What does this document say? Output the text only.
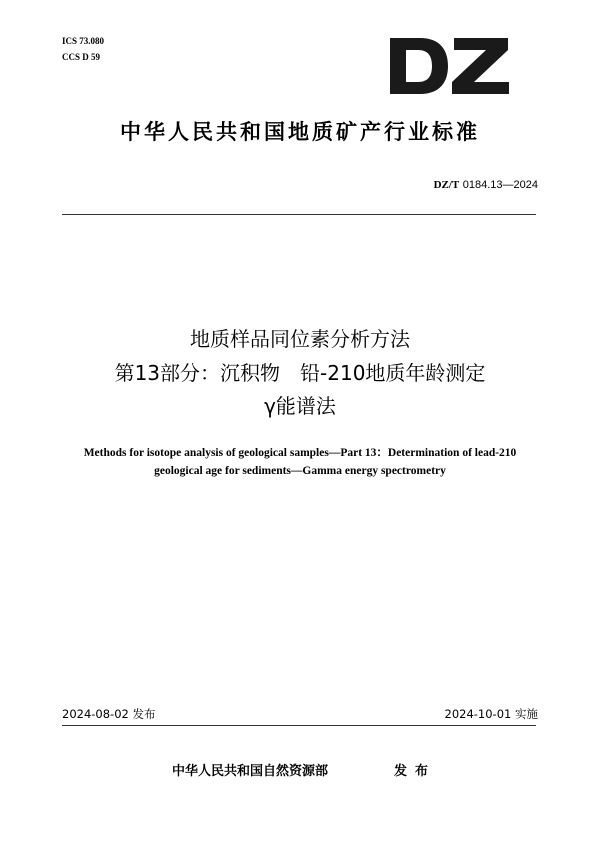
ICS 73.080
CCS D 59
中华人民共和国地质矿产行业标准
DZ/T 0184.13—2024
地质样品同位素分析方法
第13部分：沉积物　铅-210地质年龄测定
γ能谱法
Methods for isotope analysis of geological samples—Part 13：Determination of lead-210 geological age for sediments—Gamma energy spectrometry
2024-08-02 发布	2024-10-01 实施
中华人民共和国自然资源部	发布
